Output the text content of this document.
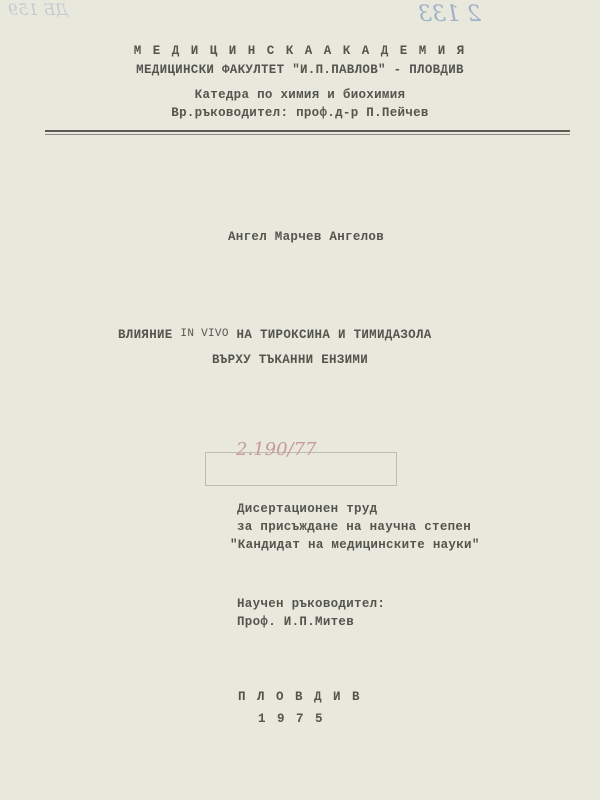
2 133
ДБ 159
М Е Д И Ц И Н С К А А К А Д Е М И Я
МЕДИЦИНСКИ ФАКУЛТЕТ "И.П.ПАВЛОВ" - ПЛОВДИВ
Катедра по химия и биохимия
Вр.ръководител: проф.д-р П.Пейчев
Ангел Марчев Ангелов
ВЛИЯНИЕ IN VIVO НА ТИРОКСИНА И ТИМИДАЗОЛА
ВЪРХУ ТЪКАННИ ЕНЗИМИ
2.190/77
Дисертационен труд
за присъждане на научна степен
"Кандидат на медицинските науки"
Научен ръководител:
Проф. И.П.Митев
П Л О В Д И В
1 9 7 5
